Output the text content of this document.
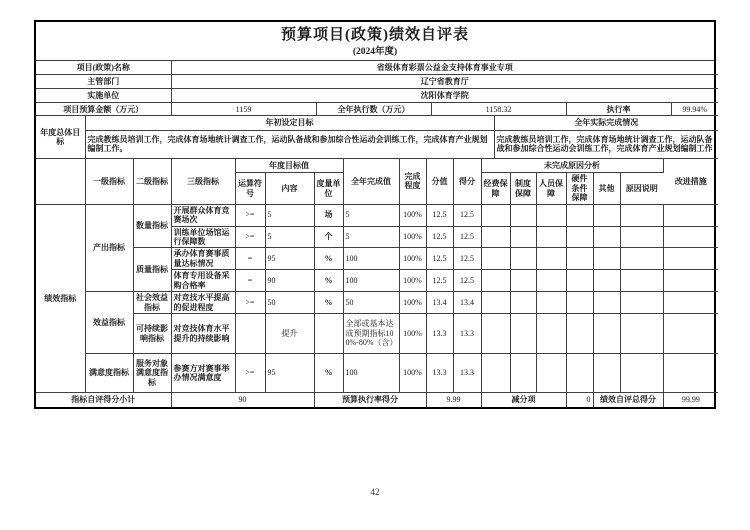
预算项目(政策)绩效自评表
(2024年度)
项目(政策)名称	省级体育彩票公益金支持体育事业专项				
主管部门	辽宁省教育厅				
实施单位	沈阳体育学院				
项目预算金额（万元）	1159	全年执行数（万元）	1158.32	执行率	99.94%
年度总体目标	年初设定目标	全年实际完成情况
	完成教练员培训工作，完成体育场地统计调查工作，运动队备战和参加综合性运动会训练工作，完成体育产业规划编制工作。	完成教练员培训工作，完成体育场地统计调查工作，运动队备战和参加综合性运动会训练工作，完成体育产业规划编制工作
	一级指标	二级指标	三级指标	年度目标值			全年完成值	完成程度	分值	得分	未完成原因分析						改进措施
				运算符号	内容	度量单位					经费保障	制度保障	人员保障	硬件条件保障	其他	原因说明	
绩效指标	产出指标	数量指标	开展群众体育竞赛场次	>=	5	场	5	100%	12.5	12.5							
			训练单位场馆运行保障数	>=	5	个	5	100%	12.5	12.5							
		质量指标	承办体育赛事质量达标情况	=	95	%	100	100%	12.5	12.5							
			体育专用设备采购合格率	=	90	%	100	100%	12.5	12.5							
	效益指标	社会效益指标	对竞技水平提高的促进程度	>=	50	%	50	100%	13.4	13.4							
		可持续影响指标	对竞技体育水平提升的持续影响		提升		全部或基本达成预期指标100%-80%（含）	100%	13.3	13.3							
	满意度指标	服务对象满意度指标	参赛方对赛事举办情况满意度	>=	95	%	100	100%	13.3	13.3							
指标自评得分小计			90			预算执行率得分			9.99		减分项			0	绩效自评总得分		99.99
42
